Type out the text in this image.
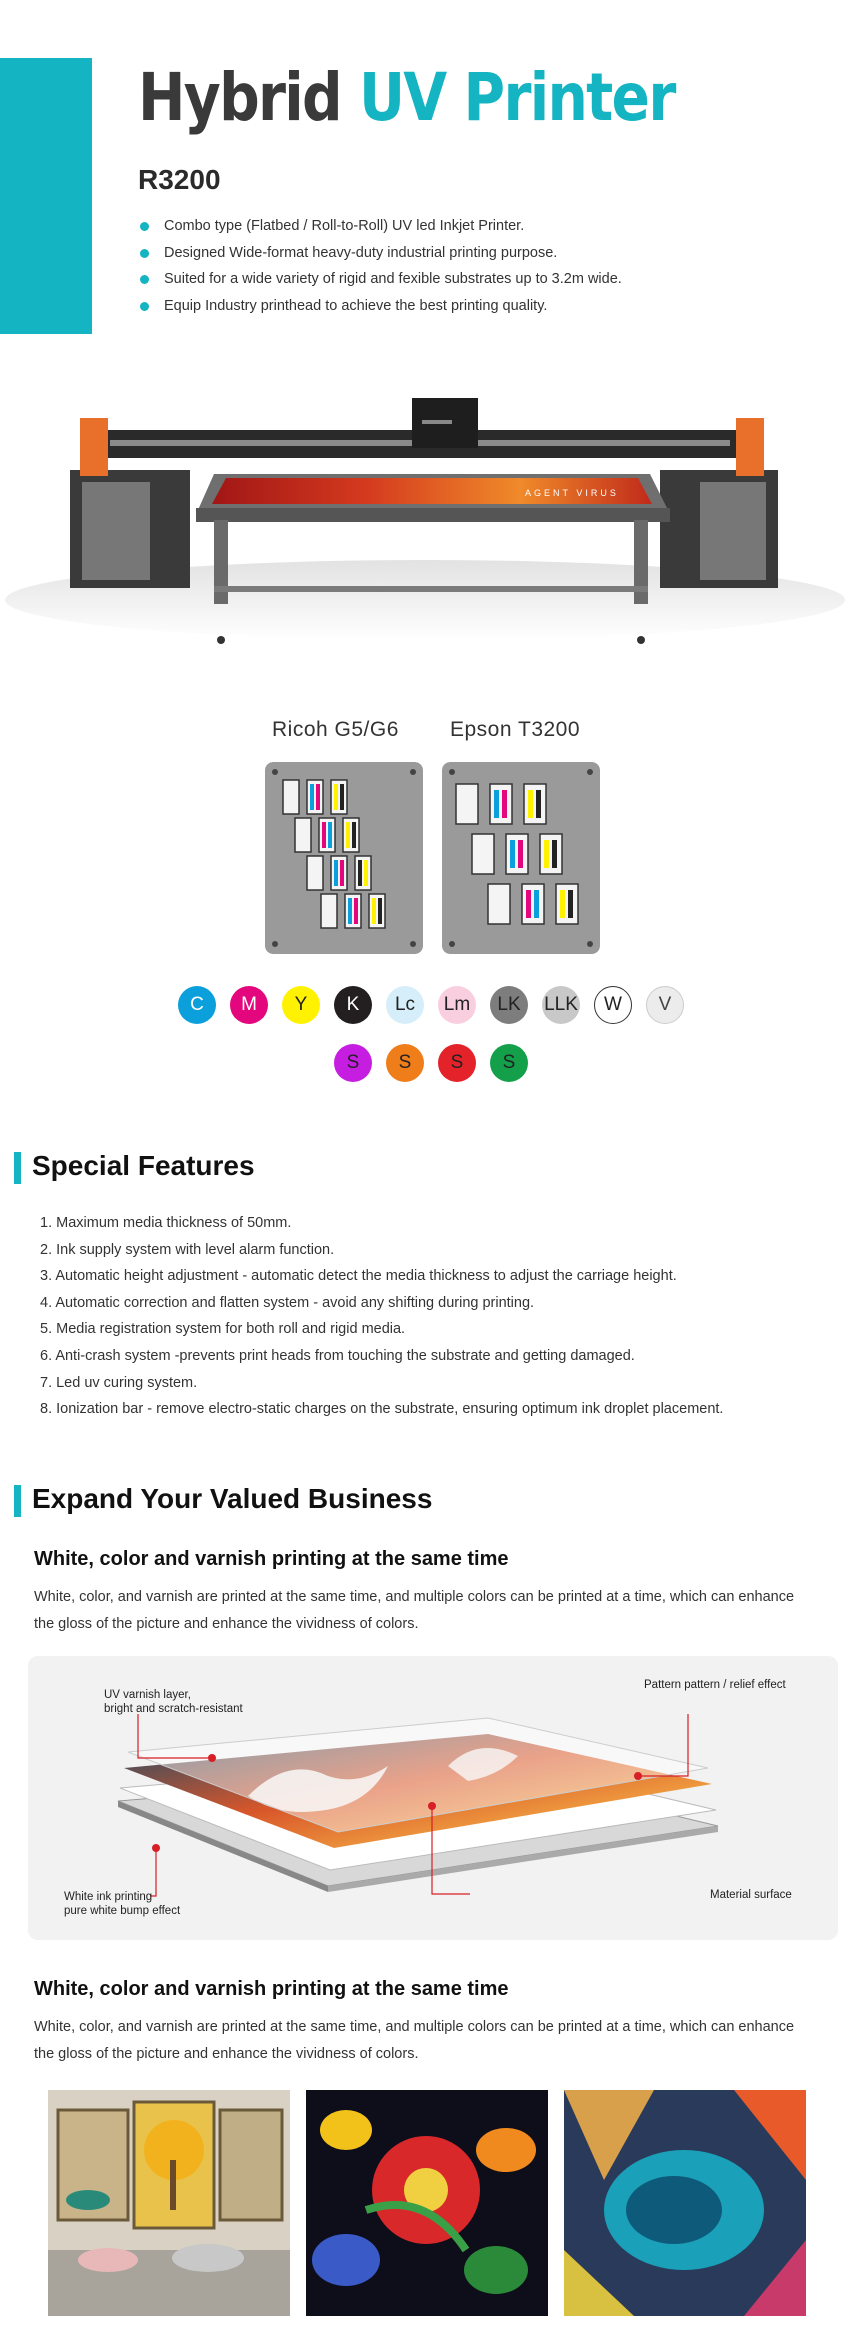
Hybrid UV Printer
R3200
Combo type (Flatbed / Roll-to-Roll) UV led Inkjet Printer.
Designed Wide-format heavy-duty industrial printing purpose.
Suited for a wide variety of rigid and fexible substrates up to 3.2m wide.
Equip Industry printhead to achieve the best printing quality.
AGENT VIRUS
Ricoh G5/G6 Epson T3200
C	M	Y	K	Lc	Lm	LK	LLK	W	V
S	S	S	S
Special Features
1. Maximum media thickness of 50mm.
2. Ink supply system with level alarm function.
3. Automatic height adjustment - automatic detect the media thickness to adjust the carriage height.
4. Automatic correction and flatten system - avoid any shifting during printing.
5. Media registration system for both roll and rigid media.
6. Anti-crash system -prevents print heads from touching the substrate and getting damaged.
7. Led uv curing system.
8. Ionization bar - remove electro-static charges on the substrate, ensuring optimum ink droplet placement.
Expand Your Valued Business
White, color and varnish printing at the same time
White, color, and varnish are printed at the same time, and multiple colors can be printed at a time, which can enhance
the gloss of the picture and enhance the vividness of colors.
UV varnish layer,
bright and scratch-resistant
Pattern pattern / relief effect
White ink printing
pure white bump effect
Material surface
White, color and varnish printing at the same time
White, color, and varnish are printed at the same time, and multiple colors can be printed at a time, which can enhance
the gloss of the picture and enhance the vividness of colors.
